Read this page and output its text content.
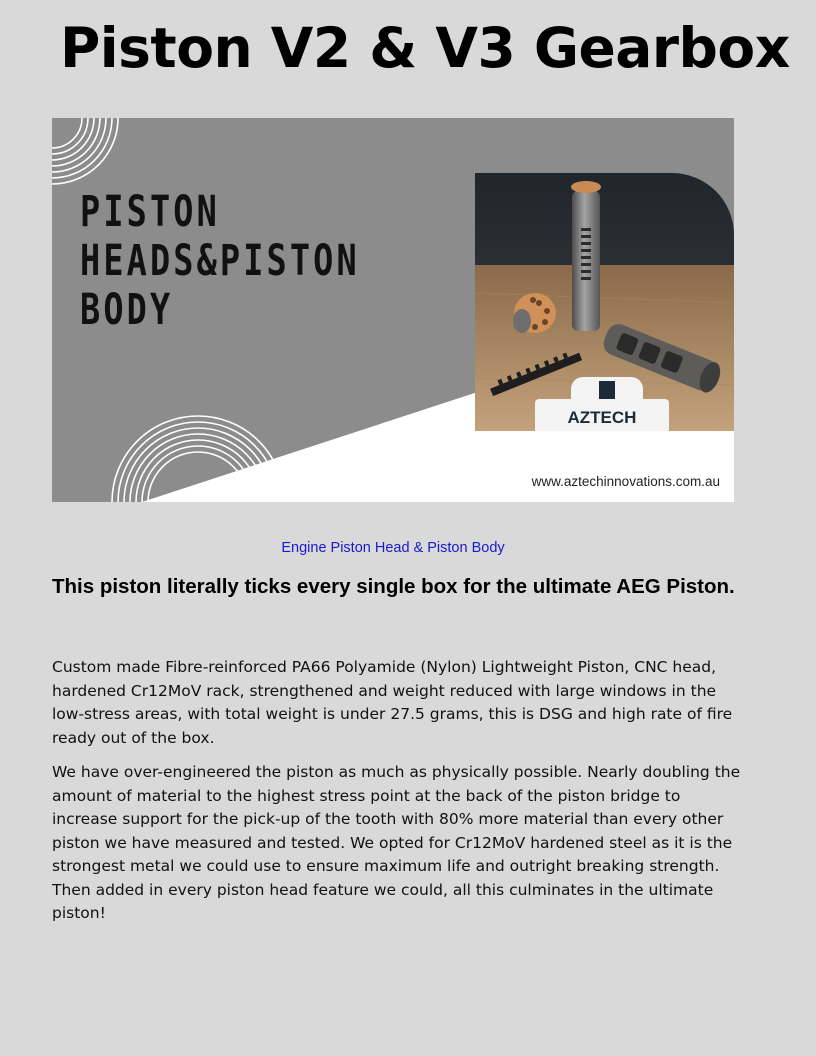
Piston V2 & V3 Gearbox
PISTON
HEADS&PISTON
BODY
AZTECH
www.aztechinnovations.com.au
Engine Piston Head & Piston Body
This piston literally ticks every single box for the ultimate AEG Piston.

Custom made Fibre-reinforced PA66 Polyamide (Nylon) Lightweight Piston, CNC head, hardened Cr12MoV rack, strengthened and weight reduced with large windows in the low-stress areas, with total weight is under 27.5 grams, this is DSG and high rate of fire ready out of the box.

We have over-engineered the piston as much as physically possible. Nearly doubling the amount of material to the highest stress point at the back of the piston bridge to increase support for the pick-up of the tooth with 80% more material than every other piston we have measured and tested. We opted for Cr12MoV hardened steel as it is the strongest metal we could use to ensure maximum life and outright breaking strength. Then added in every piston head feature we could, all this culminates in the ultimate piston!
